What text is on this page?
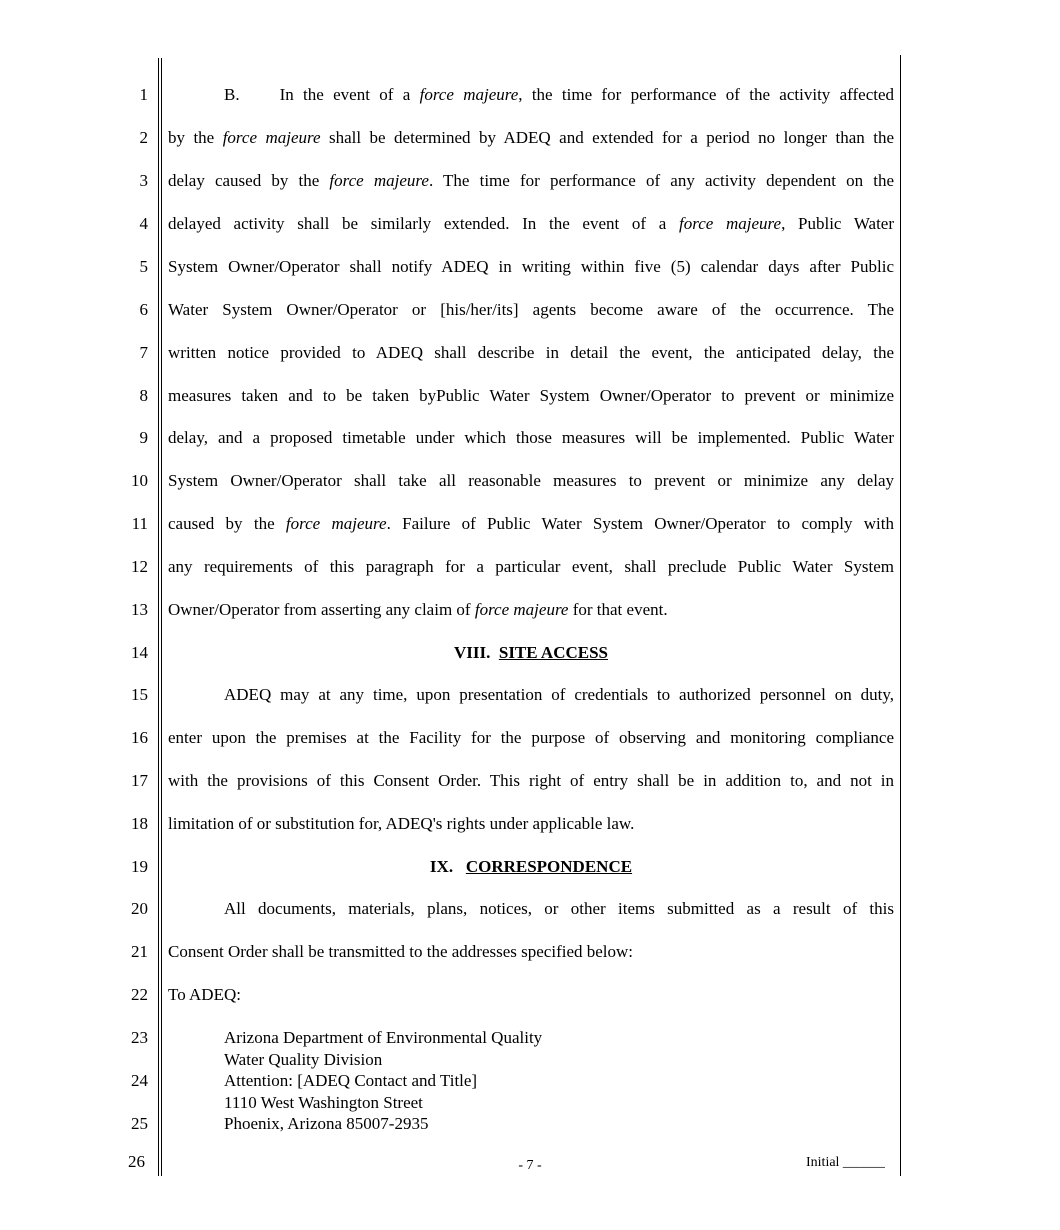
1
2
3
4
5
6
7
8
9
10
11
12
13
14
15
16
17
18
19
20
21
22
23
24
25
26
B. In the event of a force majeure, the time for performance of the activity affected
by the force majeure shall be determined by ADEQ and extended for a period no longer than the
delay caused by the force majeure. The time for performance of any activity dependent on the
delayed activity shall be similarly extended. In the event of a force majeure, Public Water
System Owner/Operator shall notify ADEQ in writing within five (5) calendar days after Public
Water System Owner/Operator or [his/her/its] agents become aware of the occurrence. The
written notice provided to ADEQ shall describe in detail the event, the anticipated delay, the
measures taken and to be taken byPublic Water System Owner/Operator to prevent or minimize
delay, and a proposed timetable under which those measures will be implemented. Public Water
System Owner/Operator shall take all reasonable measures to prevent or minimize any delay
caused by the force majeure. Failure of Public Water System Owner/Operator to comply with
any requirements of this paragraph for a particular event, shall preclude Public Water System
Owner/Operator from asserting any claim of force majeure for that event.
VIII. SITE ACCESS
ADEQ may at any time, upon presentation of credentials to authorized personnel on duty,
enter upon the premises at the Facility for the purpose of observing and monitoring compliance
with the provisions of this Consent Order. This right of entry shall be in addition to, and not in
limitation of or substitution for, ADEQ's rights under applicable law.
IX. CORRESPONDENCE
All documents, materials, plans, notices, or other items submitted as a result of this
Consent Order shall be transmitted to the addresses specified below:
To ADEQ:
Arizona Department of Environmental Quality
Water Quality Division
Attention: [ADEQ Contact and Title]
1110 West Washington Street
Phoenix, Arizona 85007-2935
- 7 -	Initial ______
